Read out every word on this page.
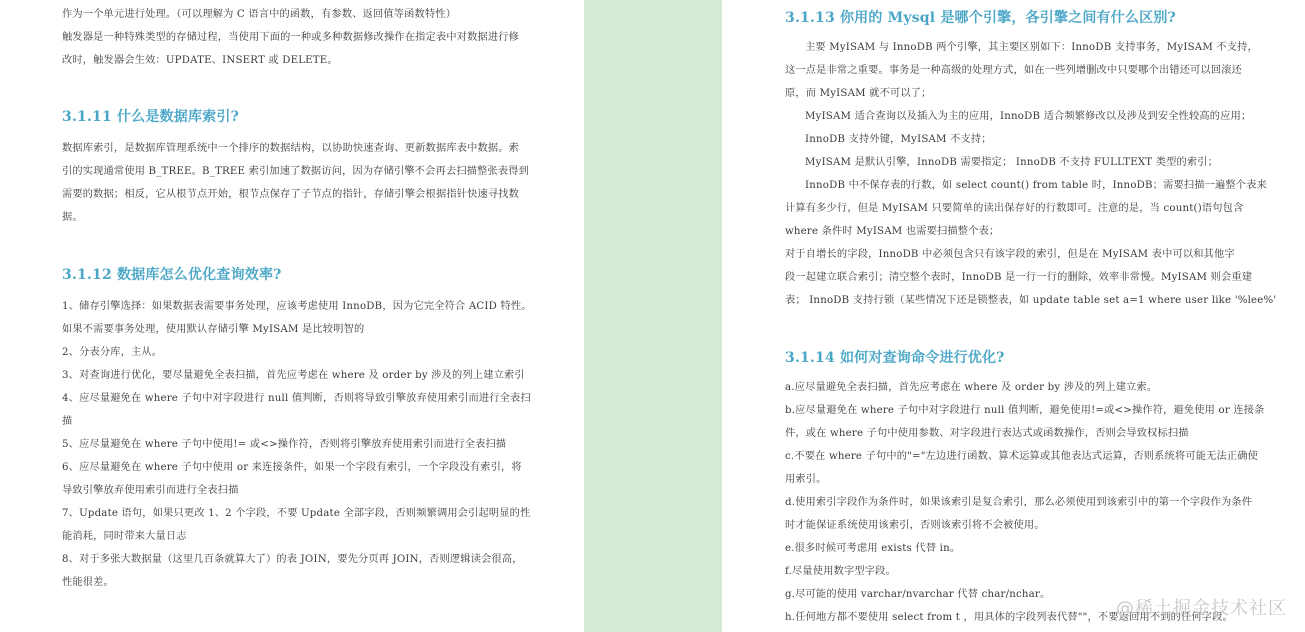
作为一个单元进行处理。（可以理解为 C 语言中的函数，有参数、返回值等函数特性）
触发器是一种特殊类型的存储过程，当使用下面的一种或多种数据修改操作在指定表中对数据进行修
改时，触发器会生效：UPDATE、INSERT 或 DELETE。
3.1.11 什么是数据库索引?
数据库索引，是数据库管理系统中一个排序的数据结构，以协助快速查询、更新数据库表中数据。索
引的实现通常使用 B_TREE。B_TREE 索引加速了数据访问，因为存储引擎不会再去扫描整张表得到
需要的数据；相反，它从根节点开始，根节点保存了子节点的指针，存储引擎会根据指针快速寻找数
据。
3.1.12 数据库怎么优化查询效率?
1、储存引擎选择：如果数据表需要事务处理，应该考虑使用 InnoDB，因为它完全符合 ACID 特性。
如果不需要事务处理，使用默认存储引擎 MyISAM 是比较明智的
2、分表分库，主从。
3、对查询进行优化，要尽量避免全表扫描，首先应考虑在 where 及 order by 涉及的列上建立索引
4、应尽量避免在 where 子句中对字段进行 null 值判断，否则将导致引擎放弃使用索引而进行全表扫
描
5、应尽量避免在 where 子句中使用!= 或<>操作符，否则将引擎放弃使用索引而进行全表扫描
6、应尽量避免在 where 子句中使用 or 来连接条件，如果一个字段有索引，一个字段没有索引，将
导致引擎放弃使用索引而进行全表扫描
7、Update 语句，如果只更改 1、2 个字段，不要 Update 全部字段，否则频繁调用会引起明显的性
能消耗，同时带来大量日志
8、对于多张大数据量（这里几百条就算大了）的表 JOIN，要先分页再 JOIN，否则逻辑读会很高，
性能很差。
3.1.13 你用的 Mysql 是哪个引擎，各引擎之间有什么区别?
主要 MyISAM 与 InnoDB 两个引擎，其主要区别如下：InnoDB 支持事务，MyISAM 不支持，
这一点是非常之重要。事务是一种高级的处理方式，如在一些列增删改中只要哪个出错还可以回滚还
原，而 MyISAM 就不可以了；
MyISAM 适合查询以及插入为主的应用，InnoDB 适合频繁修改以及涉及到安全性较高的应用；
InnoDB 支持外键，MyISAM 不支持；
MyISAM 是默认引擎，InnoDB 需要指定； InnoDB 不支持 FULLTEXT 类型的索引；
InnoDB 中不保存表的行数，如 select count() from table 时，InnoDB；需要扫描一遍整个表来
计算有多少行，但是 MyISAM 只要简单的读出保存好的行数即可。注意的是，当 count()语句包含
where 条件时 MyISAM 也需要扫描整个表；
对于自增长的字段，InnoDB 中必须包含只有该字段的索引，但是在 MyISAM 表中可以和其他字
段一起建立联合索引；清空整个表时，InnoDB 是一行一行的删除，效率非常慢。MyISAM 则会重建
表； InnoDB 支持行锁（某些情况下还是锁整表，如 update table set a=1 where user like '%lee%'
3.1.14 如何对查询命令进行优化?
a.应尽量避免全表扫描，首先应考虑在 where 及 order by 涉及的列上建立索。
b.应尽量避免在 where 子句中对字段进行 null 值判断，避免使用!=或<>操作符，避免使用 or 连接条
件，或在 where 子句中使用参数、对字段进行表达式或函数操作，否则会导致权标扫描
c.不要在 where 子句中的"="左边进行函数、算术运算或其他表达式运算，否则系统将可能无法正确使
用索引。
d.使用索引字段作为条件时，如果该索引是复合索引，那么必须使用到该索引中的第一个字段作为条件
时才能保证系统使用该索引，否则该索引将不会被使用。
e.很多时候可考虑用 exists 代替 in。
f.尽量使用数字型字段。
g.尽可能的使用 varchar/nvarchar 代替 char/nchar。
h.任何地方都不要使用 select from t ，用具体的字段列表代替""，不要返回用不到的任何字段。
@稀土掘金技术社区
